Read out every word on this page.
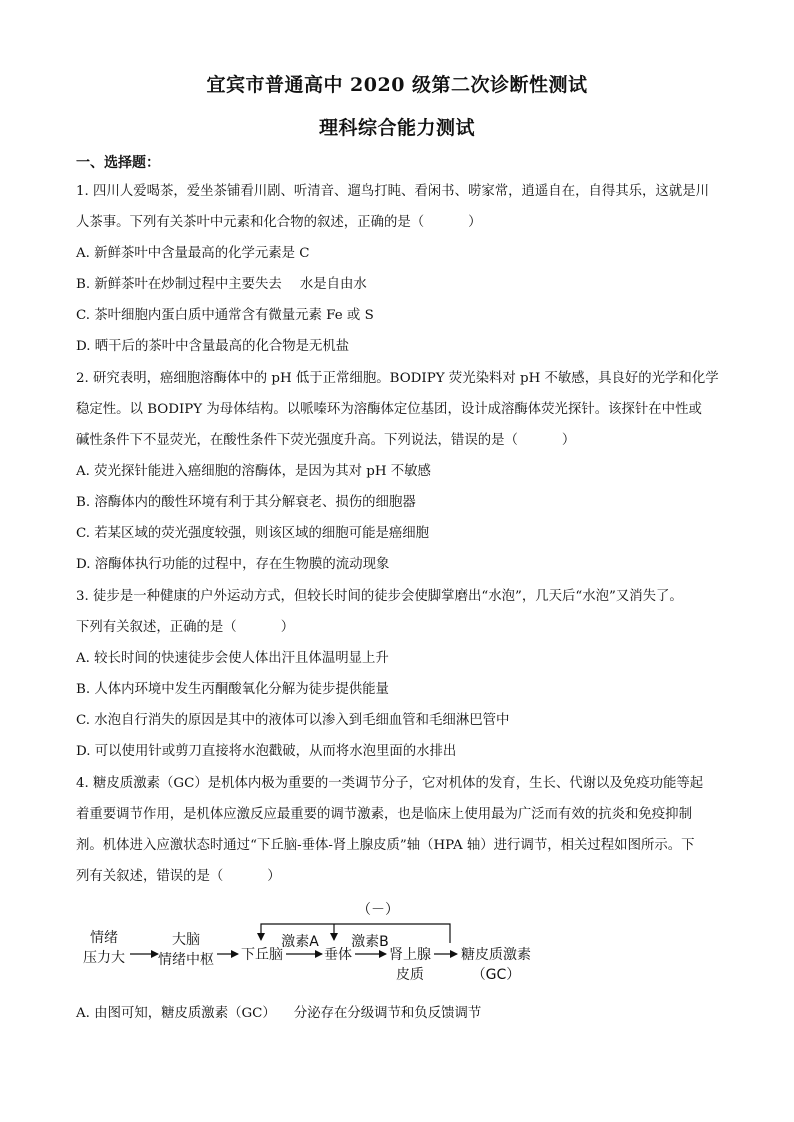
宜宾市普通高中 2020 级第二次诊断性测试
理科综合能力测试
一、选择题：
1. 四川人爱喝茶，爱坐茶铺看川剧、听清音、遛鸟打盹、看闲书、唠家常，逍遥自在，自得其乐，这就是川
人茶事。下列有关茶叶中元素和化合物的叙述，正确的是（	）
A. 新鲜茶叶中含量最高的化学元素是 C
B. 新鲜茶叶在炒制过程中主要失去 水是自由水
C. 茶叶细胞内蛋白质中通常含有微量元素 Fe 或 S
D. 晒干后的茶叶中含量最高的化合物是无机盐
2. 研究表明，癌细胞溶酶体中的 pH 低于正常细胞。BODIPY 荧光染料对 pH 不敏感，具良好的光学和化学
稳定性。以 BODIPY 为母体结构。以哌嗪环为溶酶体定位基团，设计成溶酶体荧光探针。该探针在中性或
碱性条件下不显荧光，在酸性条件下荧光强度升高。下列说法，错误的是（	）
A. 荧光探针能进入癌细胞的溶酶体，是因为其对 pH 不敏感
B. 溶酶体内的酸性环境有利于其分解衰老、损伤的细胞器
C. 若某区域的荧光强度较强，则该区域的细胞可能是癌细胞
D. 溶酶体执行功能的过程中，存在生物膜的流动现象
3. 徒步是一种健康的户外运动方式，但较长时间的徒步会使脚掌磨出“水泡”，几天后“水泡”又消失了。
下列有关叙述，正确的是（	）
A. 较长时间的快速徒步会使人体出汗且体温明显上升
B. 人体内环境中发生丙酮酸氧化分解为徒步提供能量
C. 水泡自行消失的原因是其中的液体可以渗入到毛细血管和毛细淋巴管中
D. 可以使用针或剪刀直接将水泡戳破，从而将水泡里面的水排出
4. 糖皮质激素（GC）是机体内极为重要的一类调节分子，它对机体的发育，生长、代谢以及免疫功能等起
着重要调节作用，是机体应激反应最重要的调节激素，也是临床上使用最为广泛而有效的抗炎和免疫抑制
剂。机体进入应激状态时通过“下丘脑-垂体-肾上腺皮质”轴（HPA 轴）进行调节，相关过程如图所示。下
列有关叙述，错误的是（	）
（－）
情绪
压力大
大脑
情绪中枢 下丘脑
激素A
垂体
激素B
肾上腺
皮质
糖皮质激素
（GC）
A. 由图可知，糖皮质激素（GC） 分泌存在分级调节和负反馈调节
